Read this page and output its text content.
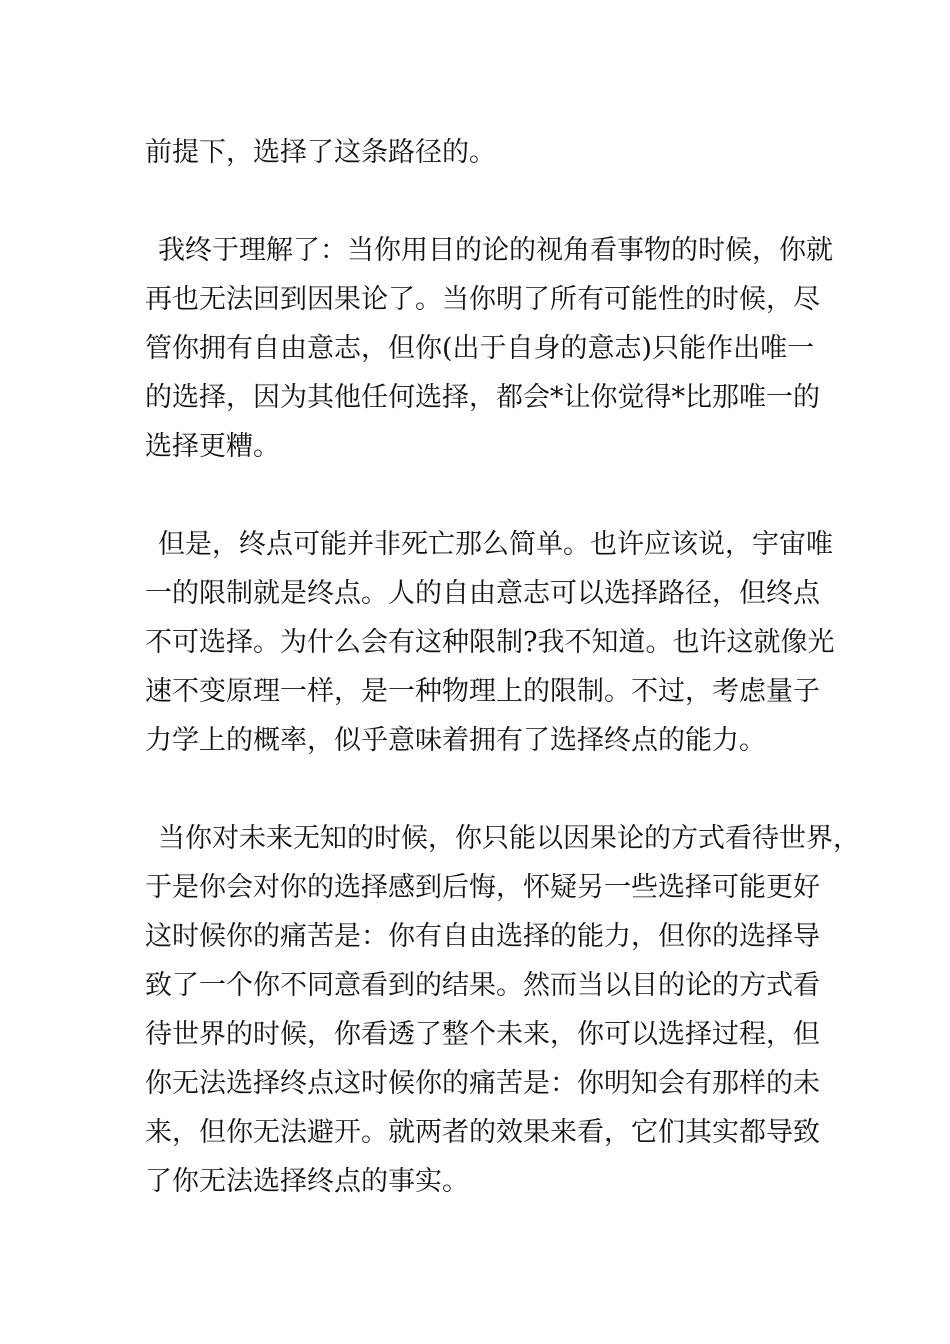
前提下，选择了这条路径的。
我终于理解了：当你用目的论的视角看事物的时候，你就
再也无法回到因果论了。当你明了所有可能性的时候，尽
管你拥有自由意志，但你(出于自身的意志)只能作出唯一
的选择，因为其他任何选择，都会*让你觉得*比那唯一的
选择更糟。
但是，终点可能并非死亡那么简单。也许应该说，宇宙唯
一的限制就是终点。人的自由意志可以选择路径，但终点
不可选择。为什么会有这种限制?我不知道。也许这就像光
速不变原理一样，是一种物理上的限制。不过，考虑量子
力学上的概率，似乎意味着拥有了选择终点的能力。
当你对未来无知的时候，你只能以因果论的方式看待世界，
于是你会对你的选择感到后悔，怀疑另一些选择可能更好
这时候你的痛苦是：你有自由选择的能力，但你的选择导
致了一个你不同意看到的结果。然而当以目的论的方式看
待世界的时候，你看透了整个未来，你可以选择过程，但
你无法选择终点这时候你的痛苦是：你明知会有那样的未
来，但你无法避开。就两者的效果来看，它们其实都导致
了你无法选择终点的事实。
